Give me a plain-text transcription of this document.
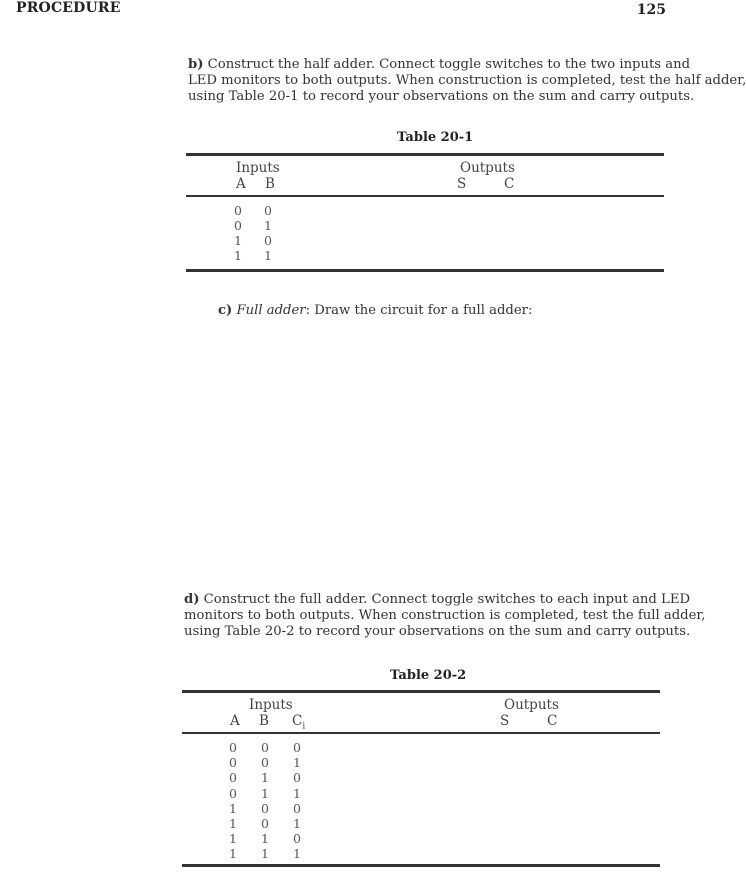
PROCEDURE	125
b) Construct the half adder. Connect toggle switches to the two inputs and
LED monitors to both outputs. When construction is completed, test the half adder,
using Table 20-1 to record your observations on the sum and carry outputs.
Table 20-1
Inputs	Outputs
A B	S	C
0 0
0 1
1 0
1 1
c) Full adder: Draw the circuit for a full adder:
d) Construct the full adder. Connect toggle switches to each input and LED
monitors to both outputs. When construction is completed, test the full adder,
using Table 20-2 to record your observations on the sum and carry outputs.
Table 20-2
Inputs	Outputs
A B $C_i$	S	C
0 0 0
0 0 1
0 1 0
0 1 1
1 0 0
1 0 1
1 1 0
1 1 1
